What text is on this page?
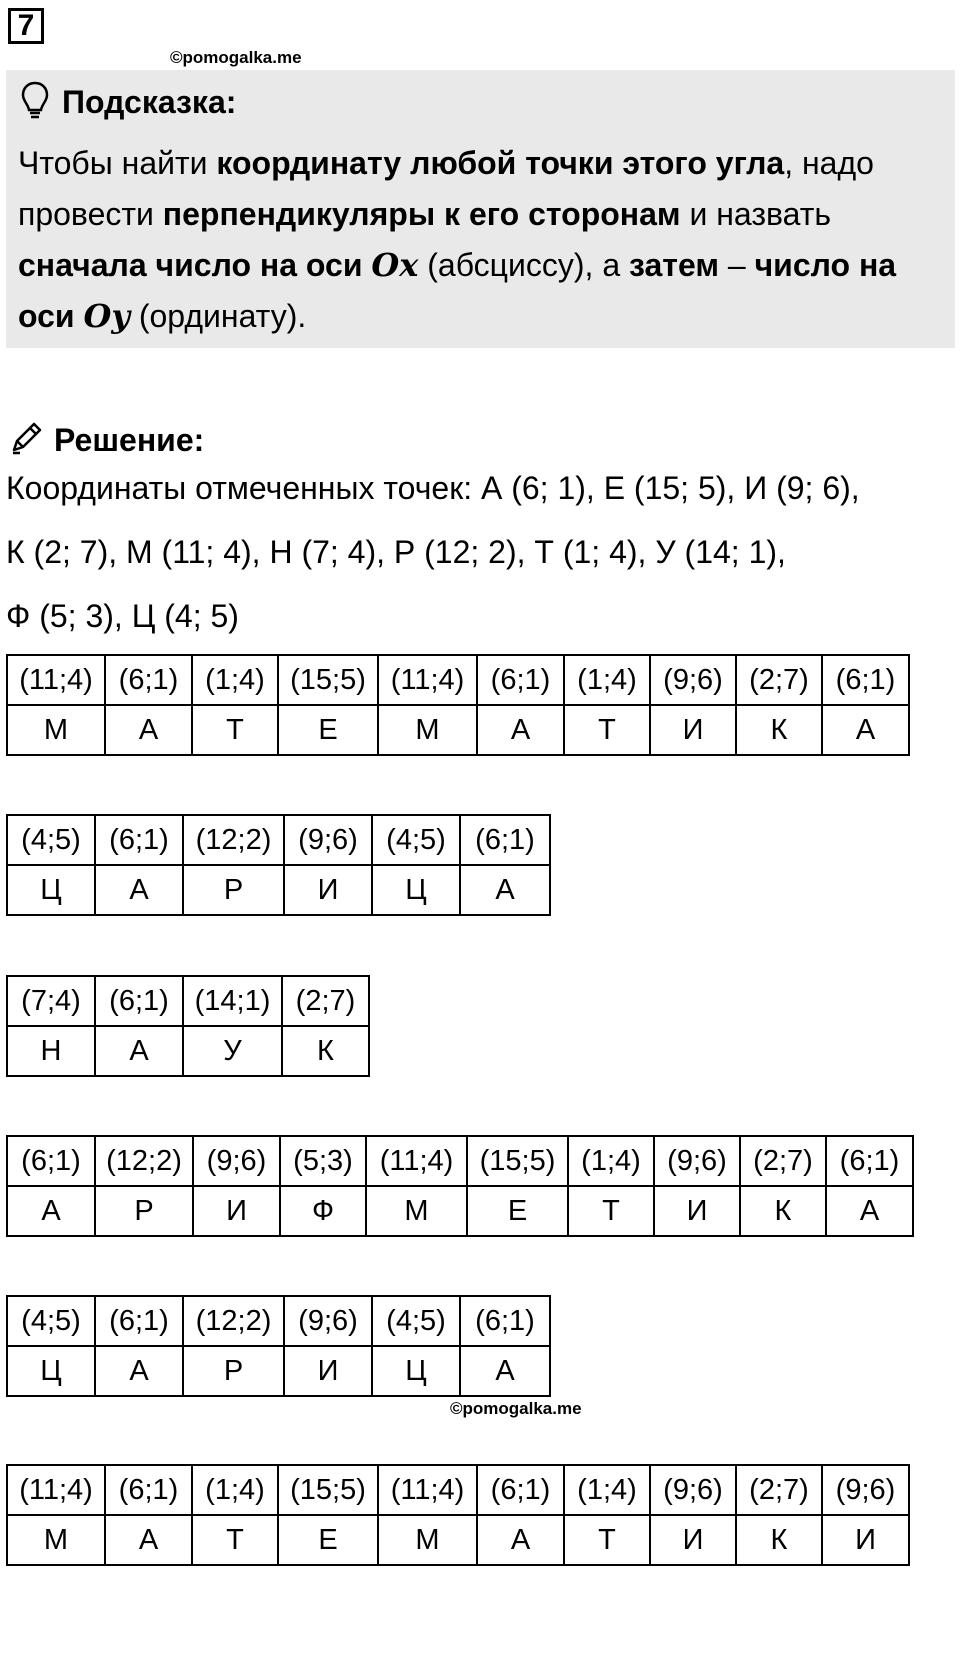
7
©pomogalka.me
Подсказка:
Чтобы найти координату любой точки этого угла, надо провести перпендикуляры к его сторонам и назвать сначала число на оси Ox (абсциссу), а затем – число на оси Oy (ординату).
Решение:
Координаты отмеченных точек: А (6; 1), Е (15; 5), И (9; 6),
К (2; 7), М (11; 4), Н (7; 4), Р (12; 2), Т (1; 4), У (14; 1),
Ф (5; 3), Ц (4; 5)
©pomogalka.me
(11;4)	(6;1)	(1;4)	(15;5)	(11;4)	(6;1)	(1;4)	(9;6)	(2;7)	(6;1)
М	А	Т	Е	М	А	Т	И	К	А
(4;5)	(6;1)	(12;2)	(9;6)	(4;5)	(6;1)
Ц	А	Р	И	Ц	А
(7;4)	(6;1)	(14;1)	(2;7)
Н	А	У	К
(6;1)	(12;2)	(9;6)	(5;3)	(11;4)	(15;5)	(1;4)	(9;6)	(2;7)	(6;1)
А	Р	И	Ф	М	Е	Т	И	К	А
(4;5)	(6;1)	(12;2)	(9;6)	(4;5)	(6;1)
Ц	А	Р	И	Ц	А
(11;4)	(6;1)	(1;4)	(15;5)	(11;4)	(6;1)	(1;4)	(9;6)	(2;7)	(9;6)
М	А	Т	Е	М	А	Т	И	К	И
